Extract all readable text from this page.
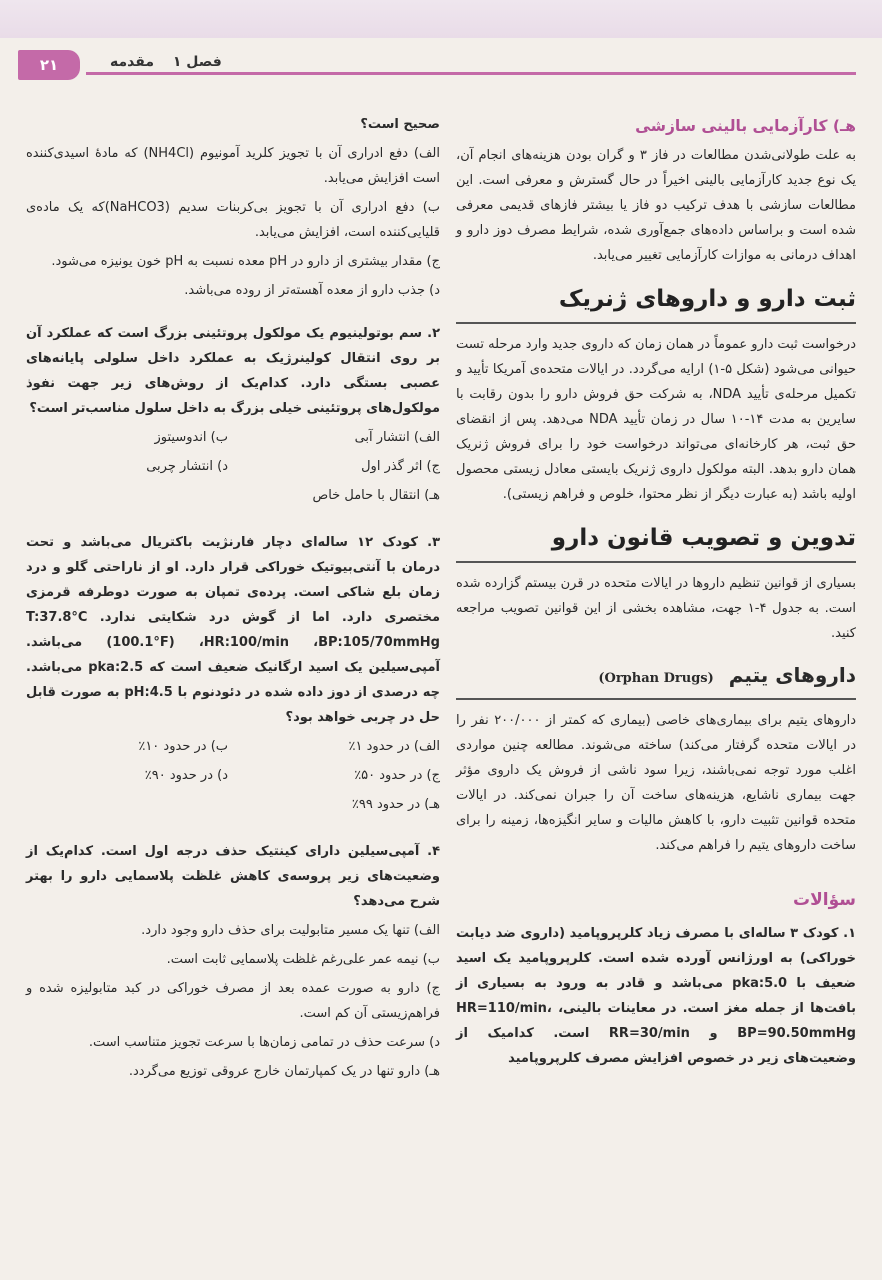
۲۱	فصل ۱ مقدمه
هـ) کارآزمایی بالینی سازشی

به علت طولانی‌شدن مطالعات در فاز ۳ و گران بودن هزینه‌های انجام آن، یک نوع جدید کارآزمایی بالینی اخیراً در حال گسترش و معرفی است. این مطالعات سازشی با هدف ترکیب دو فاز یا بیشتر فازهای قدیمی معرفی شده است و براساس داده‌های جمع‌آوری شده، شرایط مصرف دوز دارو و اهداف درمانی به موازات کارآزمایی تغییر می‌یابد.

ثبت دارو و داروهای ژنریک

درخواست ثبت دارو عموماً در همان زمان که داروی جدید وارد مرحله تست حیوانی می‌شود (شکل ۵-۱) ارایه می‌گردد. در ایالات متحده‌ی آمریکا تأیید و تکمیل مرحله‌ی تأیید NDA، به شرکت حق فروش دارو را بدون رقابت با سایرین به مدت ۱۴-۱۰ سال در زمان تأیید NDA می‌دهد. پس از انقضای حق ثبت، هر کارخانه‌ای می‌تواند درخواست خود را برای فروش ژنریک همان دارو بدهد. البته مولکول داروی ژنریک بایستی معادل زیستی محصول اولیه باشد (به عبارت دیگر از نظر محتوا، خلوص و فراهم زیستی).

تدوین و تصویب قانون دارو

بسیاری از قوانین تنظیم داروها در ایالات متحده در قرن بیستم گزارده شده است. به جدول ۴-۱ جهت، مشاهده بخشی از این قوانین تصویب مراجعه کنید.

داروهای یتیم (Orphan Drugs)

داروهای یتیم برای بیماری‌های خاصی (بیماری که کمتر از ۲۰۰/۰۰۰ نفر را در ایالات متحده گرفتار می‌کند) ساخته می‌شوند. مطالعه چنین مواردی اغلب مورد توجه نمی‌باشند، زیرا سود ناشی از فروش یک داروی مؤثر جهت بیماری ناشایع، هزینه‌های ساخت آن را جبران نمی‌کند. در ایالات متحده قوانین تثبیت دارو، با کاهش مالیات و سایر انگیزه‌ها، زمینه را برای ساخت داروهای یتیم را فراهم می‌کند.

سؤالات

۱. کودک ۳ ساله‌ای با مصرف زیاد کلرپروپامید (داروی ضد دیابت خوراکی) به اورژانس آورده شده است. کلرپروپامید یک اسید ضعیف با pka:5.0 می‌باشد و قادر به ورود به بسیاری از بافت‌ها از جمله مغز است. در معاینات بالینی، HR=110/min، BP=90.50mmHg و RR=30/min است. کدامیک از وضعیت‌های زیر در خصوص افزایش مصرف کلرپروپامید

صحیح است؟

الف) دفع ادراری آن با تجویز کلرید آمونیوم (NH4Cl) که مادهٔ اسیدی‌کننده است افزایش می‌یابد.

ب) دفع ادراری آن با تجویز بی‌کربنات سدیم (NaHCO3)که یک ماده‌ی قلیایی‌کننده است، افزایش می‌یابد.

ج) مقدار بیشتری از دارو در pH معده نسبت به pH خون یونیزه می‌شود.

د) جذب دارو از معده آهسته‌تر از روده می‌باشد.

۲. سم بوتولینیوم یک مولکول پروتئینی بزرگ است که عملکرد آن بر روی انتقال کولینرژیک به عملکرد داخل سلولی پایانه‌های عصبی بستگی دارد. کدام‌یک از روش‌های زیر جهت نفوذ مولکول‌های پروتئینی خیلی بزرگ به داخل سلول مناسب‌تر است؟

الف) انتشار آبی

ب) اندوسیتوز

ج) اثر گذر اول

د) انتشار چربی

هـ) انتقال با حامل خاص

۳. کودک ۱۲ ساله‌ای دچار فارنژیت باکتریال می‌باشد و تحت درمان با آنتی‌بیوتیک خوراکی قرار دارد. او از ناراحتی گلو و درد زمان بلع شاکی است. پرده‌ی تمپان به صورت دوطرفه قرمزی مختصری دارد. اما از گوش درد شکایتی ندارد. T:37.8°C (100.1°F) ،HR:100/min ،BP:105/70mmHg می‌باشد. آمپی‌سیلین یک اسید ارگانیک ضعیف است که pka:2.5 می‌باشد. چه درصدی از دوز داده شده در دئودنوم با pH:4.5 به صورت قابل حل در چربی خواهد بود؟

الف) در حدود ۱٪

ب) در حدود ۱۰٪

ج) در حدود ۵۰٪

د) در حدود ۹۰٪

هـ) در حدود ۹۹٪

۴. آمپی‌سیلین دارای کینتیک حذف درجه اول است. کدام‌یک از وضعیت‌های زیر پروسه‌ی کاهش غلظت پلاسمایی دارو را بهتر شرح می‌دهد؟

الف) تنها یک مسیر متابولیت برای حذف دارو وجود دارد.

ب) نیمه عمر علی‌رغم غلظت پلاسمایی ثابت است.

ج) دارو به صورت عمده بعد از مصرف خوراکی در کبد متابولیزه شده و فراهم‌زیستی آن کم است.

د) سرعت حذف در تمامی زمان‌ها با سرعت تجویز متناسب است.

هـ) دارو تنها در یک کمپارتمان خارج عروقی توزیع می‌گردد.
